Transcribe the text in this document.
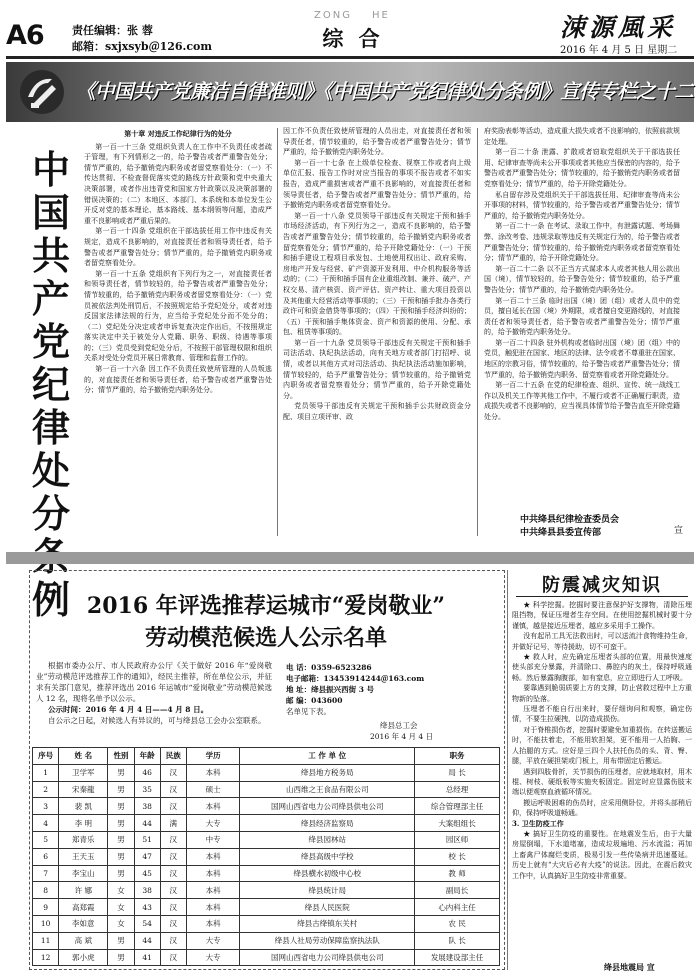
A6	责任编辑：张 蓉
邮箱：sxjxsyb＠126.com
ZONG HE
综 合	涑源風采
2016 年 4 月 5 日 星期二
《中国共产党廉洁自律准则》《中国共产党纪律处分条例》宣传专栏之十二
中国共产党纪律处分 例

第十章 对违反工作纪律行为的处分

第一百一十三条 党组织负责人在工作中不负责任或者疏于管理，有下列情形之一的，给予警告或者严重警告处分；情节严重的，给予撤销党内职务或者留党察看处分：（一）不传达贯彻、不检查督促落实党的路线方针政策和党中央重大决策部署，或者作出违背党和国家方针政策以及决策部署的错误决策的；（二）本地区、本部门、本系统和本单位发生公开反对党的基本理论、基本路线、基本纲领等问题，造成严重不良影响或者严重后果的。

第一百一十四条 党组织在干部选拔任用工作中违反有关规定，造成不良影响的，对直接责任者和领导责任者，给予警告或者严重警告处分；情节严重的，给予撤销党内职务或者留党察看处分。

第一百一十五条 党组织有下列行为之一，对直接责任者和领导责任者，情节较轻的，给予警告或者严重警告处分；情节较重的，给予撤销党内职务或者留党察看处分：（一）党员被依法判处刑罚后，不按照规定给予党纪处分，或者对违反国家法律法规的行为，应当给予党纪处分而不处分的；（二）党纪处分决定或者申诉复查决定作出后，不按照规定落实决定中关于被处分人党籍、职务、职级、待遇等事项的；（三）党员受到党纪处分后，不按照干部管理权限和组织关系对受处分党员开展日常教育、管理和监督工作的。

第一百一十六条 因工作不负责任致使所管理的人员叛逃的，对直接责任者和领导责任者，给予警告或者严重警告处分；情节严重的，给予撤销党内职务处分。

因工作不负责任致使所管理的人员出走，对直接责任者和领导责任者，情节较重的，给予警告或者严重警告处分；情节严重的，给予撤销党内职务处分。

第一百一十七条 在上级单位检查、视察工作或者向上级单位汇报、报告工作时对应当报告的事项不报告或者不如实报告，造成严重损害或者严重不良影响的，对直接责任者和领导责任者，给予警告或者严重警告处分；情节严重的，给予撤销党内职务或者留党察看处分。

第一百一十八条 党员领导干部违反有关规定干预和插手市场经济活动，有下列行为之一，造成不良影响的，给予警告或者严重警告处分；情节较重的，给予撤销党内职务或者留党察看处分；情节严重的，给予开除党籍处分：（一）干预和插手建设工程项目承发包、土地使用权出让、政府采购、房地产开发与经营、矿产资源开发利用、中介机构服务等活动的；（二）干预和插手国有企业重组改制、兼并、破产、产权交易、清产核资、资产评估、资产转让、重大项目投资以及其他重大经营活动等事项的；（三）干预和插手批办各类行政许可和资金借贷等事项的；（四）干预和插手经济纠纷的；（五）干预和插手集体资金、资产和资源的使用、分配、承包、租赁等事项的。

第一百一十九条 党员领导干部违反有关规定干预和插手司法活动、执纪执法活动，向有关地方或者部门打招呼、说情，或者以其他方式对司法活动、执纪执法活动施加影响，情节较轻的，给予严重警告处分；情节较重的，给予撤销党内职务或者留党察看处分；情节严重的，给予开除党籍处分。

党员领导干部违反有关规定干预和插手公共财政资金分配、项目立项评审、政

府奖励表彰等活动，造成重大损失或者不良影响的，依照前款规定处理。

第一百二十条 泄露、扩散或者窃取党组织关于干部选拔任用、纪律审查等尚未公开事项或者其他应当保密的内容的，给予警告或者严重警告处分；情节较重的，给予撤销党内职务或者留党察看处分；情节严重的，给予开除党籍处分。

私自留存涉及党组织关于干部选拔任用、纪律审查等尚未公开事项的材料，情节较重的，给予警告或者严重警告处分；情节严重的，给予撤销党内职务处分。

第一百二十一条 在考试、录取工作中，有泄露试题、考场舞弊、涂改考卷、违规录取等违反有关规定行为的，给予警告或者严重警告处分；情节较重的，给予撤销党内职务或者留党察看处分；情节严重的，给予开除党籍处分。

第一百二十二条 以不正当方式谋求本人或者其他人用公款出国（境），情节较轻的，给予警告处分；情节较重的，给予严重警告处分；情节严重的，给予撤销党内职务处分。

第一百二十三条 临时出国（境）团（组）或者人员中的党员，擅自延长在国（境）外期限，或者擅自变更路线的，对直接责任者和领导责任者，给予警告或者严重警告处分；情节严重的，给予撤销党内职务处分。

第一百二十四条 驻外机构或者临时出国（境）团（组）中的党员，触犯驻在国家、地区的法律、法令或者不尊重驻在国家、地区的宗教习俗，情节较重的，给予警告或者严重警告处分；情节严重的，给予撤销党内职务、留党察看或者开除党籍处分。

第一百二十五条 在党的纪律检查、组织、宣传、统一战线工作以及机关工作等其他工作中，不履行或者不正确履行职责，造成损失或者不良影响的，应当视具体情节给予警告直至开除党籍处分。

中共绛县纪律检查委员会
中共绛县县委宣传部	宣
2016 年评选推荐运城市“爱岗敬业”
劳动模范候选人公示名单

根据市委办公厅、市人民政府办公厅《关于做好 2016 年“爱岗敬业”劳动模范评选推荐工作的通知》，经民主推荐，所在单位公示，并征求有关部门意见，推荐评选出 2016 年运城市“爱岗敬业”劳动模范候选人 12 名，现将名单予以公示。

公示时间：2016 年 4 月 4 日——4 月 8 日。

自公示之日起，对候选人有异议的，可与绛县总工会办公室联系。

电 话：0359-6523286
电子邮箱：13453914244＠163.com
地 址：绛县振兴西街 3 号
邮 编：043600
名单见下表。
绛县总工会
2016 年 4 月 4 日
序号	姓 名	性别	年龄	民族	学历	工 作 单 位	职务
1	卫学军	男	46	汉	本科	绛县地方税务局	局 长
2	宋秦龍	男	35	汉	硕士	山西维之王食品有限公司	总经理
3	裴 凯	男	38	汉	本科	国网山西省电力公司绛县供电公司	综合管理部主任
4	李 明	男	44	满	大专	绛县经济监察局	大案组组长
5	郑青乐	男	51	汉	中专	绛县园林站	园区师
6	王天玉	男	47	汉	本科	绛县高级中学校	校 长
7	李宝山	男	45	汉	本科	绛县横水初级中心校	教 师
8	许 娜	女	38	汉	本科	绛县统计局	副局长
9	高郑霞	女	43	汉	本科	绛县人民医院	心内科主任
10	李如意	女	54	汉	本科	绛县古绛镇东关村	农 民
11	高 斌	男	44	汉	大专	绛县人社局劳动保障监察执法队	队 长
12	郭小虎	男	41	汉	大专	国网山西省电力公司绛县供电公司	发展建设部主任
防震减灾知识

★ 科学挖掘。挖掘时要注意保护好支撑物，清除压埋阻挡物，保证压埋者生存空间。在使用挖掘机械时要十分谨慎，越是接近压埋者，越应多采用手工操作。

没有起吊工具无法救出时，可以送流汁食物维持生命，并做好记号，等待援助，切不可蛮干。

★ 救人时，应先确定压埋者头部的位置，用最快速度使头部充分暴露，并清除口、鼻腔内的灰土，保持呼吸通畅。然后暴露胸腹部，如有窒息，应立即进行人工呼吸。

要靠遇到脆弱质要上方的支撑，防止营救过程中上方重物新的坠落。

压埋者不能自行出来时，要仔细询问和观察，确定伤情，不要生拉硬拽，以防造成损伤。

对于脊椎损伤者，挖掘时要避免加重损伤。在转送搬运时，不能扶着走，不能用软担架，更不能用一人抬胸、一人抬腿的方式。应好是三四个人扶托伤员的头、背、臀、腿，平放在硬担架或门板上，用布带固定后搬运。

遇到四肢骨折，关节损伤的压埋者，应就地取材，用木棍、树枝、硬纸板等实施夹板固定。固定时应显露伤肢末端以便观察血液循环情况。

搬运呼吸困难的伤员时，应采用侧卧位，并将头部稍后仰，保持呼吸道畅通。

3. 卫生防疫工作

★ 搞好卫生防疫的重要性。在地震发生后，由于大量房屋倒塌，下水道堵塞，造成垃圾遍地、污水流溢；再加上畜禽尸体腐烂变质，极易引发一些传染病并迅速蔓延。历史上就有“大灾后必有大疫”的说法。因此，在震后救灾工作中，认真搞好卫生防疫非常重要。

绛县地震局 宣
